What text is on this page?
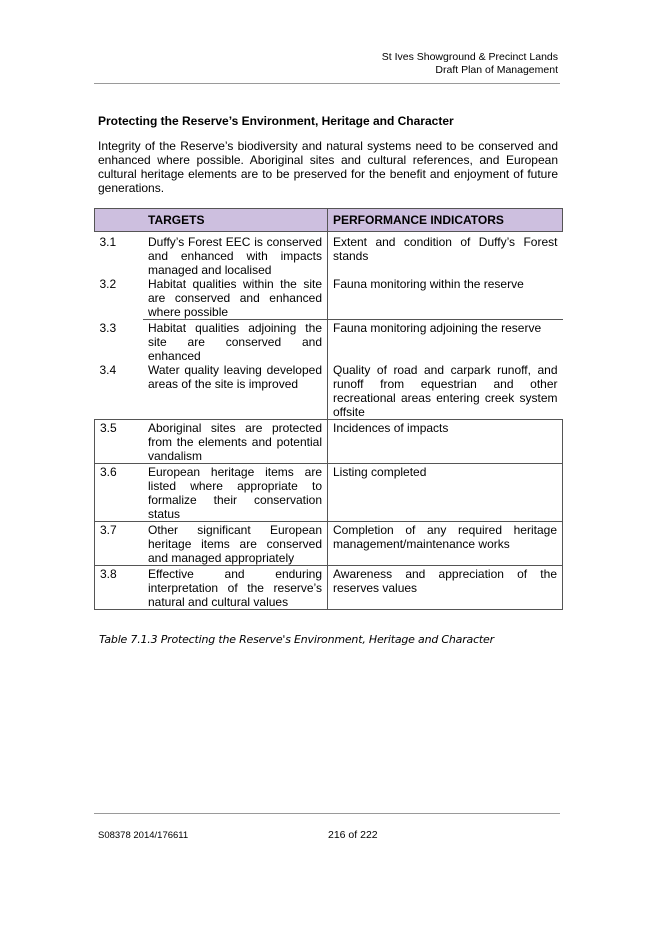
St Ives Showground & Precinct Lands
Draft Plan of Management
Protecting the Reserve’s Environment, Heritage and Character

Integrity of the Reserve’s biodiversity and natural systems need to be conserved and enhanced where possible. Aboriginal sites and cultural references, and European cultural heritage elements are to be preserved for the benefit and enjoyment of future generations.

	TARGETS	PERFORMANCE INDICATORS
3.1	Duffy’s Forest EEC is conserved and enhanced with impacts managed and localised	Extent and condition of Duffy’s Forest stands
3.2	Habitat qualities within the site are conserved and enhanced where possible	Fauna monitoring within the reserve
3.3	Habitat qualities adjoining the site are conserved and enhanced	Fauna monitoring adjoining the reserve
3.4	Water quality leaving developed areas of the site is improved	Quality of road and carpark runoff, and runoff from equestrian and other recreational areas entering creek system offsite
3.5	Aboriginal sites are protected from the elements and potential vandalism	Incidences of impacts
3.6	European heritage items are listed where appropriate to formalize their conservation status	Listing completed
3.7	Other significant European heritage items are conserved and managed appropriately	Completion of any required heritage management/maintenance works
3.8	Effective and enduring interpretation of the reserve’s natural and cultural values	Awareness and appreciation of the reserves values
Table 7.1.3 Protecting the Reserve's Environment, Heritage and Character
S08378 2014/176611	216 of 222
